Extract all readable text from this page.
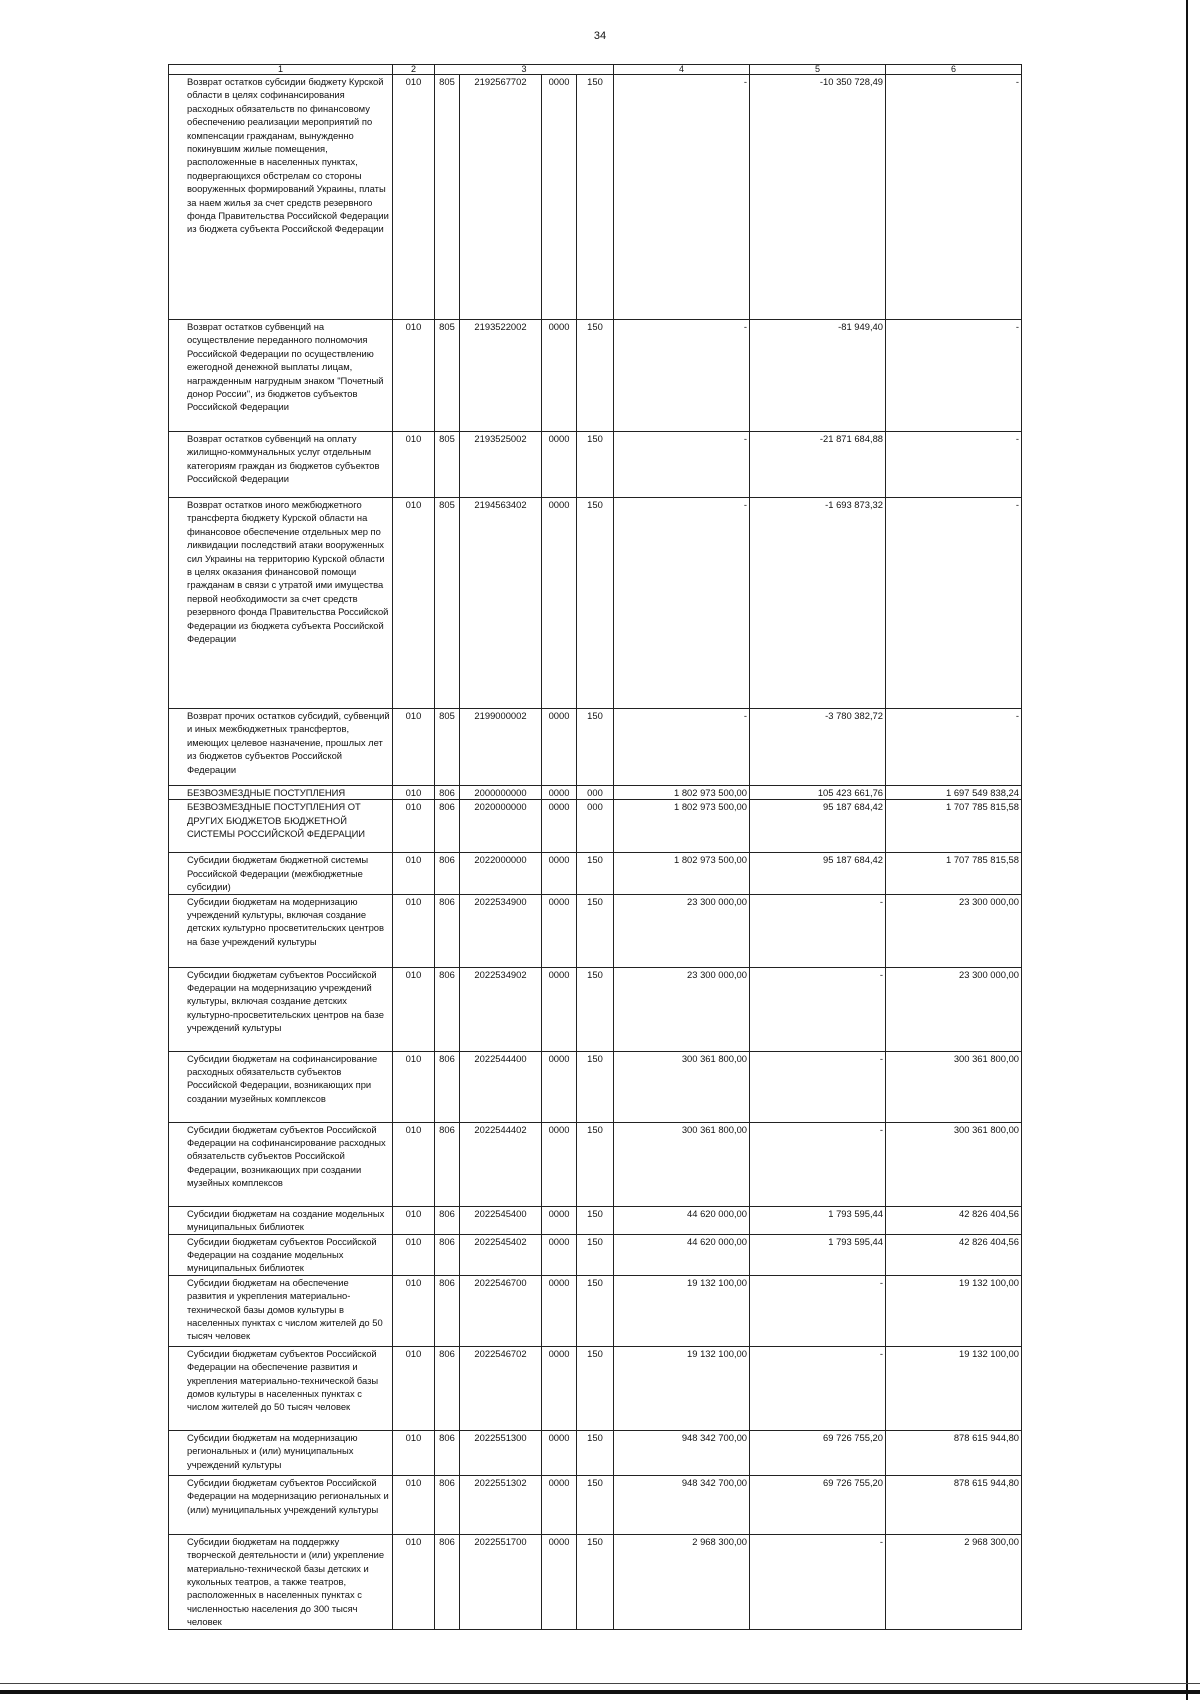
34
1	2	3				4	5	6
Возврат остатков субсидии бюджету Курской области в целях софинансирования расходных обязательств по финансовому обеспечению реализации мероприятий по компенсации гражданам, вынужденно покинувшим жилые помещения, расположенные в населенных пунктах, подвергающихся обстрелам со стороны вооруженных формирований Украины, платы за наем жилья за счет средств резервного фонда Правительства Российской Федерации из бюджета субъекта Российской Федерации	010	805	2192567702	0000	150	-	-10 350 728,49	-
Возврат остатков субвенций на осуществление переданного полномочия Российской Федерации по осуществлению ежегодной денежной выплаты лицам, награжденным нагрудным знаком "Почетный донор России", из бюджетов субъектов Российской Федерации	010	805	2193522002	0000	150	-	-81 949,40	-
Возврат остатков субвенций на оплату жилищно-коммунальных услуг отдельным категориям граждан из бюджетов субъектов Российской Федерации	010	805	2193525002	0000	150	-	-21 871 684,88	-
Возврат остатков иного межбюджетного трансферта бюджету Курской области на финансовое обеспечение отдельных мер по ликвидации последствий атаки вооруженных сил Украины на территорию Курской области в целях оказания финансовой помощи гражданам в связи с утратой ими имущества первой необходимости за счет средств резервного фонда Правительства Российской Федерации из бюджета субъекта Российской Федерации	010	805	2194563402	0000	150	-	-1 693 873,32	-
Возврат прочих остатков субсидий, субвенций и иных межбюджетных трансфертов, имеющих целевое назначение, прошлых лет из бюджетов субъектов Российской Федерации	010	805	2199000002	0000	150	-	-3 780 382,72	-
БЕЗВОЗМЕЗДНЫЕ ПОСТУПЛЕНИЯ	010	806	2000000000	0000	000	1 802 973 500,00	105 423 661,76	1 697 549 838,24
БЕЗВОЗМЕЗДНЫЕ ПОСТУПЛЕНИЯ ОТ ДРУГИХ БЮДЖЕТОВ БЮДЖЕТНОЙ СИСТЕМЫ РОССИЙСКОЙ ФЕДЕРАЦИИ	010	806	2020000000	0000	000	1 802 973 500,00	95 187 684,42	1 707 785 815,58
Субсидии бюджетам бюджетной системы Российской Федерации (межбюджетные субсидии)	010	806	2022000000	0000	150	1 802 973 500,00	95 187 684,42	1 707 785 815,58
Субсидии бюджетам на модернизацию учреждений культуры, включая создание детских культурно просветительских центров на базе учреждений культуры	010	806	2022534900	0000	150	23 300 000,00	-	23 300 000,00
Субсидии бюджетам субъектов Российской Федерации на модернизацию учреждений культуры, включая создание детских культурно-просветительских центров на базе учреждений культуры	010	806	2022534902	0000	150	23 300 000,00	-	23 300 000,00
Субсидии бюджетам на софинансирование расходных обязательств субъектов Российской Федерации, возникающих при создании музейных комплексов	010	806	2022544400	0000	150	300 361 800,00	-	300 361 800,00
Субсидии бюджетам субъектов Российской Федерации на софинансирование расходных обязательств субъектов Российской Федерации, возникающих при создании музейных комплексов	010	806	2022544402	0000	150	300 361 800,00	-	300 361 800,00
Субсидии бюджетам на создание модельных муниципальных библиотек	010	806	2022545400	0000	150	44 620 000,00	1 793 595,44	42 826 404,56
Субсидии бюджетам субъектов Российской Федерации на создание модельных муниципальных библиотек	010	806	2022545402	0000	150	44 620 000,00	1 793 595,44	42 826 404,56
Субсидии бюджетам на обеспечение развития и укрепления материально-технической базы домов культуры в населенных пунктах с числом жителей до 50 тысяч человек	010	806	2022546700	0000	150	19 132 100,00	-	19 132 100,00
Субсидии бюджетам субъектов Российской Федерации на обеспечение развития и укрепления материально-технической базы домов культуры в населенных пунктах с числом жителей до 50 тысяч человек	010	806	2022546702	0000	150	19 132 100,00	-	19 132 100,00
Субсидии бюджетам на модернизацию региональных и (или) муниципальных учреждений культуры	010	806	2022551300	0000	150	948 342 700,00	69 726 755,20	878 615 944,80
Субсидии бюджетам субъектов Российской Федерации на модернизацию региональных и (или) муниципальных учреждений культуры	010	806	2022551302	0000	150	948 342 700,00	69 726 755,20	878 615 944,80
Субсидии бюджетам на поддержку творческой деятельности и (или) укрепление материально-технической базы детских и кукольных театров, а также театров, расположенных в населенных пунктах с численностью населения до 300 тысяч человек	010	806	2022551700	0000	150	2 968 300,00	-	2 968 300,00
